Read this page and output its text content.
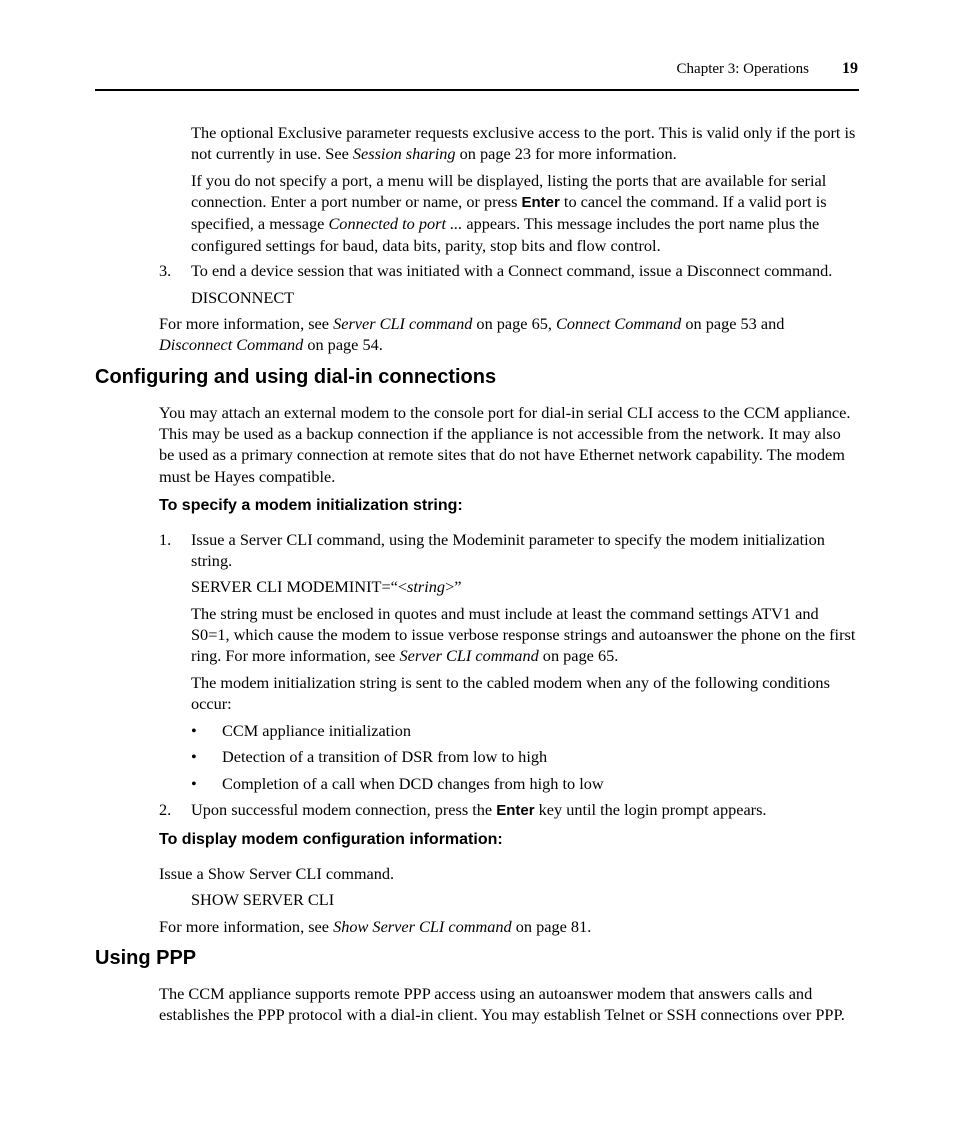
Chapter 3: Operations 19
The optional Exclusive parameter requests exclusive access to the port. This is valid only if the port is not currently in use. See Session sharing on page 23 for more information.
If you do not specify a port, a menu will be displayed, listing the ports that are available for serial connection. Enter a port number or name, or press Enter to cancel the command. If a valid port is specified, a message Connected to port ... appears. This message includes the port name plus the configured settings for baud, data bits, parity, stop bits and flow control.
3. To end a device session that was initiated with a Connect command, issue a Disconnect command.
DISCONNECT
For more information, see Server CLI command on page 65, Connect Command on page 53 and Disconnect Command on page 54.
Configuring and using dial-in connections
You may attach an external modem to the console port for dial-in serial CLI access to the CCM appliance. This may be used as a backup connection if the appliance is not accessible from the network. It may also be used as a primary connection at remote sites that do not have Ethernet network capability. The modem must be Hayes compatible.
To specify a modem initialization string:
1. Issue a Server CLI command, using the Modeminit parameter to specify the modem initialization string.
SERVER CLI MODEMINIT=“<string>”
The string must be enclosed in quotes and must include at least the command settings ATV1 and S0=1, which cause the modem to issue verbose response strings and autoanswer the phone on the first ring. For more information, see Server CLI command on page 65.
The modem initialization string is sent to the cabled modem when any of the following conditions occur:
• CCM appliance initialization
• Detection of a transition of DSR from low to high
• Completion of a call when DCD changes from high to low
2. Upon successful modem connection, press the Enter key until the login prompt appears.
To display modem configuration information:
Issue a Show Server CLI command.
SHOW SERVER CLI
For more information, see Show Server CLI command on page 81.
Using PPP
The CCM appliance supports remote PPP access using an autoanswer modem that answers calls and establishes the PPP protocol with a dial-in client. You may establish Telnet or SSH connections over PPP.
